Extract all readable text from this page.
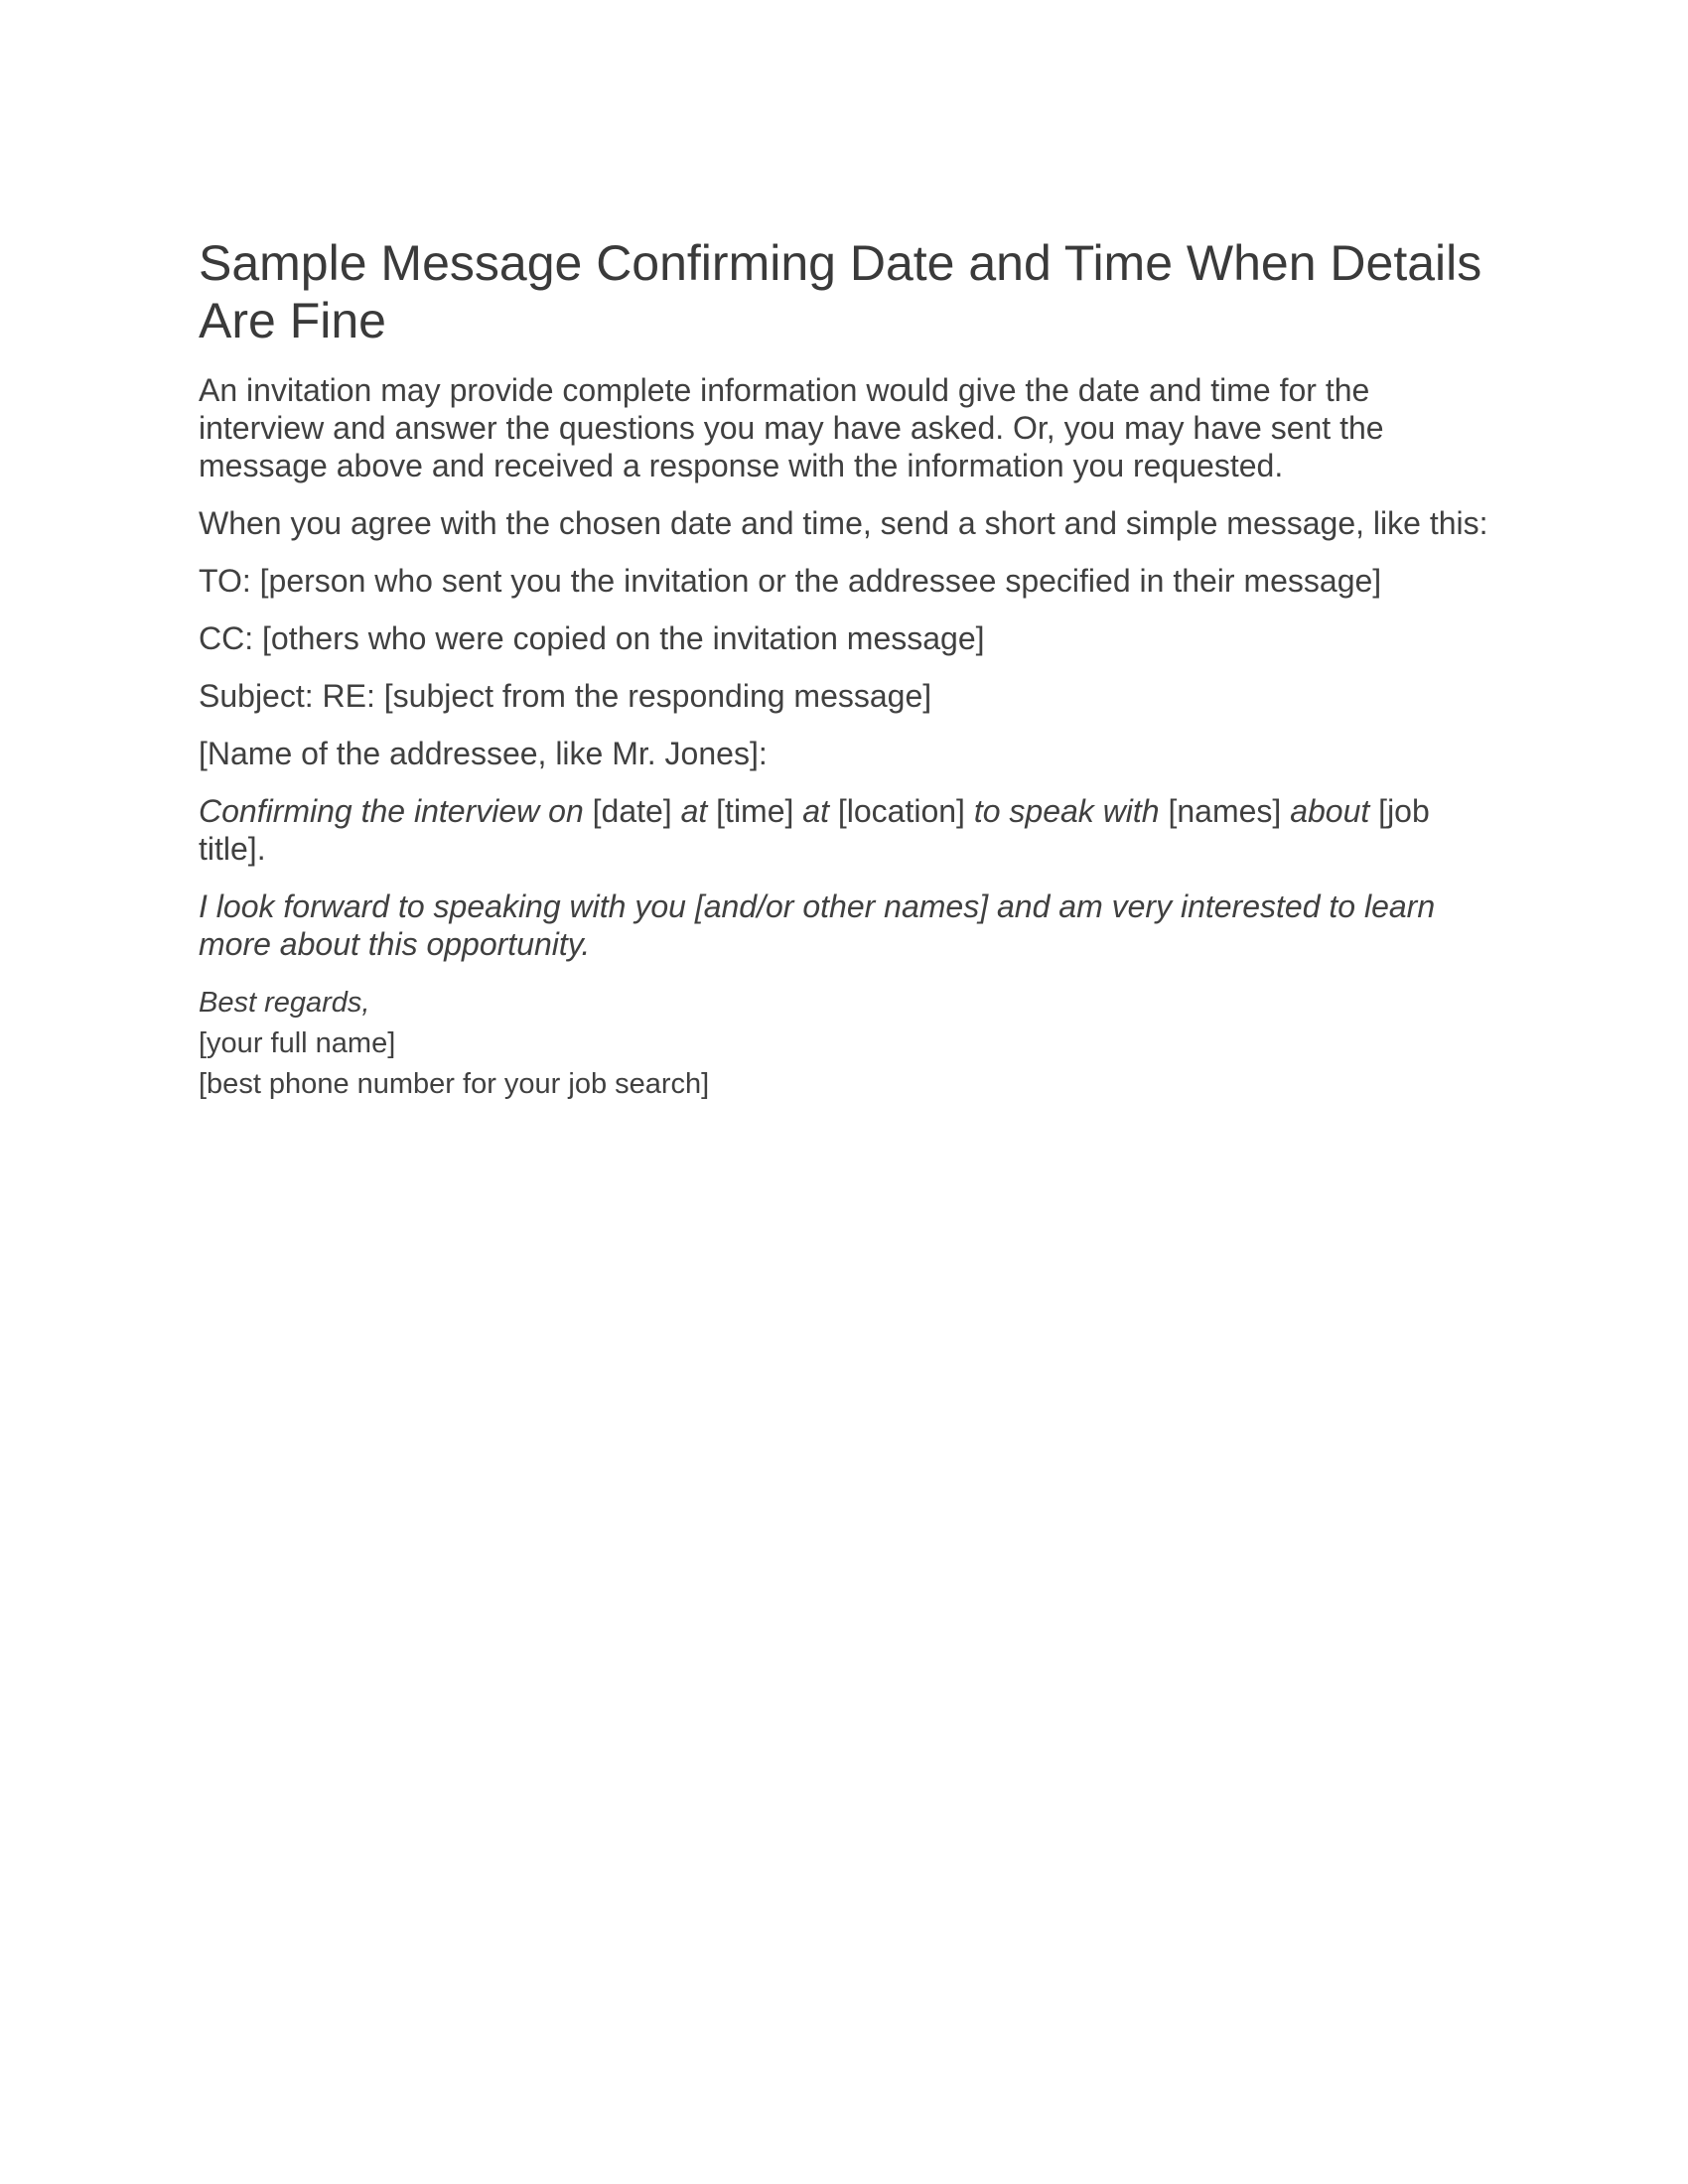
Sample Message Confirming Date and Time When Details Are Fine

An invitation may provide complete information would give the date and time for the interview and answer the questions you may have asked. Or, you may have sent the message above and received a response with the information you requested.

When you agree with the chosen date and time, send a short and simple message, like this:

TO: [person who sent you the invitation or the addressee specified in their message]

CC: [others who were copied on the invitation message]

Subject: RE: [subject from the responding message]

[Name of the addressee, like Mr. Jones]:

Confirming the interview on [date] at [time] at [location] to speak with [names] about [job title].

I look forward to speaking with you [and/or other names] and am very interested to learn more about this opportunity.

Best regards,
[your full name]
[best phone number for your job search]
